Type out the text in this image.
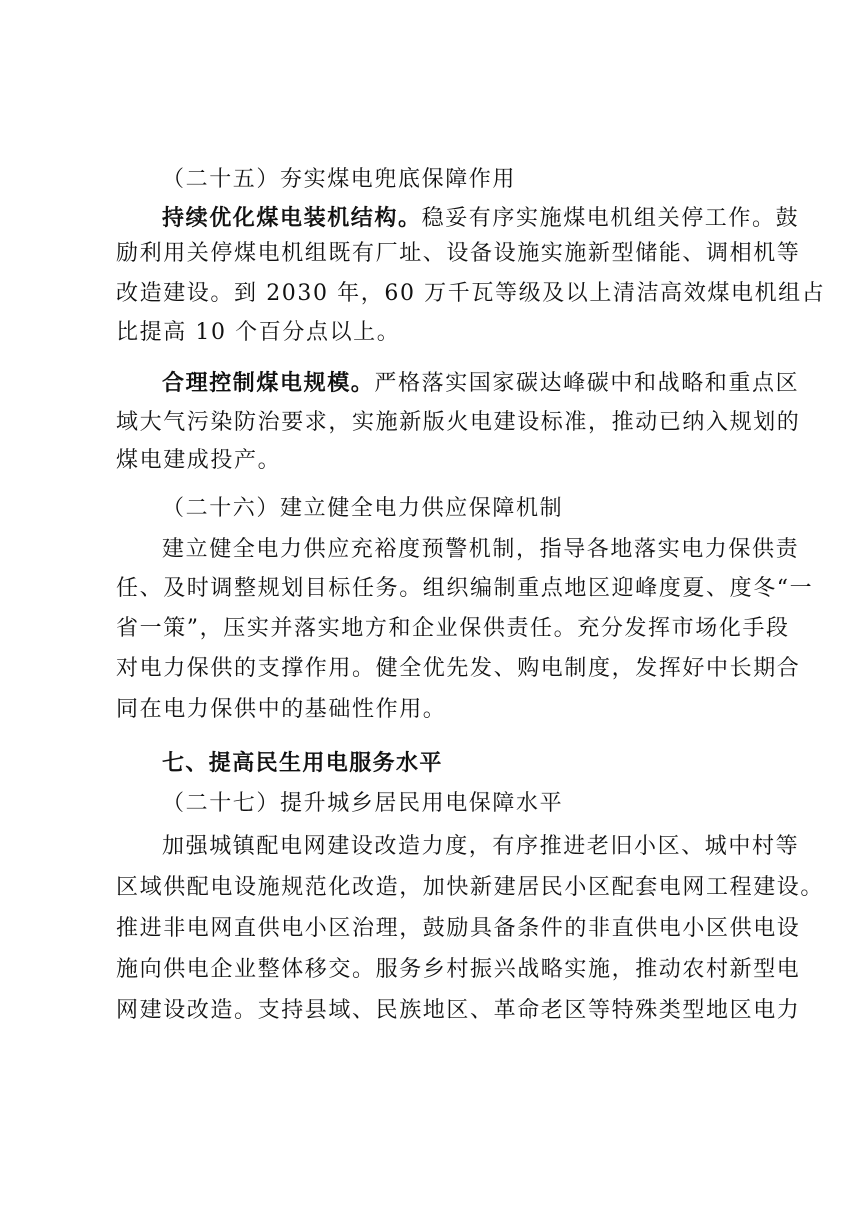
（二十五）夯实煤电兜底保障作用
持续优化煤电装机结构。稳妥有序实施煤电机组关停工作。鼓
励利用关停煤电机组既有厂址、设备设施实施新型储能、调相机等
改造建设。到 2030 年，60 万千瓦等级及以上清洁高效煤电机组占
比提高 10 个百分点以上。
合理控制煤电规模。严格落实国家碳达峰碳中和战略和重点区
域大气污染防治要求，实施新版火电建设标准，推动已纳入规划的
煤电建成投产。
（二十六）建立健全电力供应保障机制
建立健全电力供应充裕度预警机制，指导各地落实电力保供责
任、及时调整规划目标任务。组织编制重点地区迎峰度夏、度冬“一
省一策”，压实并落实地方和企业保供责任。充分发挥市场化手段
对电力保供的支撑作用。健全优先发、购电制度，发挥好中长期合
同在电力保供中的基础性作用。
七、提高民生用电服务水平
（二十七）提升城乡居民用电保障水平
加强城镇配电网建设改造力度，有序推进老旧小区、城中村等
区域供配电设施规范化改造，加快新建居民小区配套电网工程建设。
推进非电网直供电小区治理，鼓励具备条件的非直供电小区供电设
施向供电企业整体移交。服务乡村振兴战略实施，推动农村新型电
网建设改造。支持县域、民族地区、革命老区等特殊类型地区电力
